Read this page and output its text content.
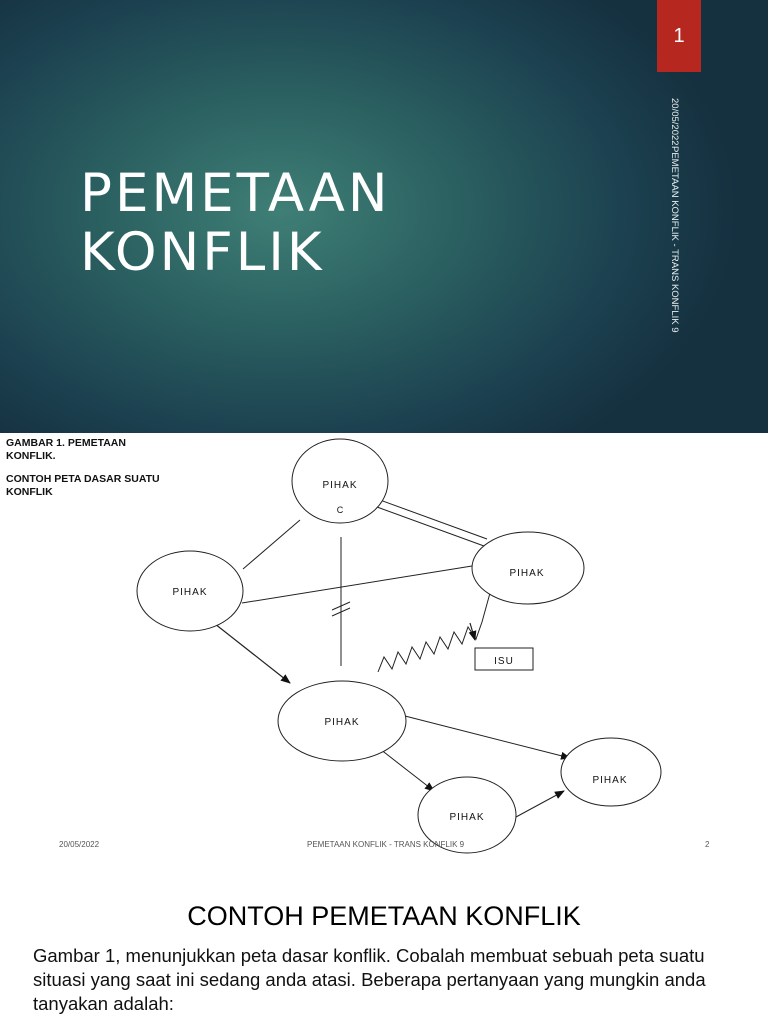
1
PEMETAAN KONFLIK - TRANS KONFLIK 9
20/05/2022
PEMETAAN
KONFLIK
PIHAK
C
PIHAK
PIHAK
PIHAK
PIHAK
PIHAK
ISU

GAMBAR 1. PEMETAAN KONFLIK.

CONTOH PETA DASAR SUATU KONFLIK

20/05/2022	PEMETAAN KONFLIK - TRANS KONFLIK 9	2
CONTOH PEMETAAN KONFLIK
Gambar 1, menunjukkan peta dasar konflik. Cobalah membuat sebuah peta suatu situasi yang saat ini sedang anda atasi. Beberapa pertanyaan yang mungkin anda tanyakan adalah:
